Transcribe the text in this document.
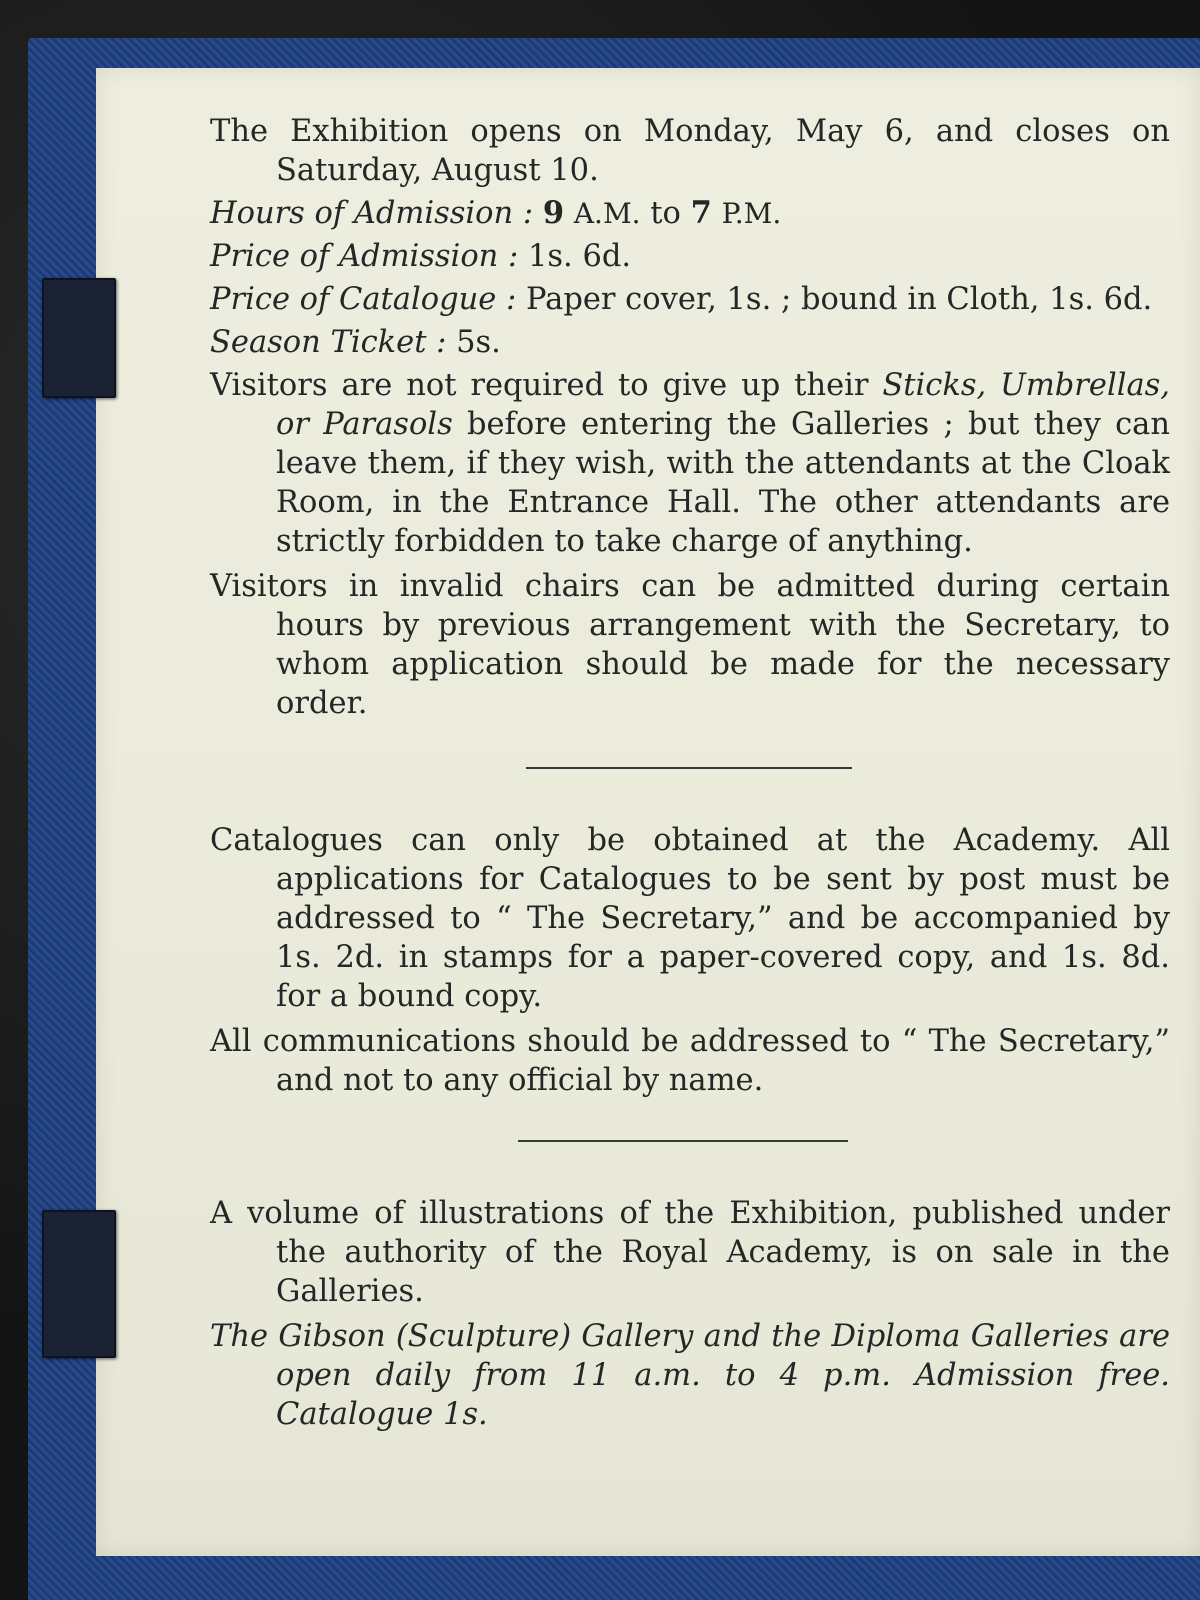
The Exhibition opens on Monday, May 6, and closes on Saturday, August 10.

Hours of Admission : 9 A.M. to 7 P.M.

Price of Admission : 1s. 6d.

Price of Catalogue : Paper cover, 1s. ; bound in Cloth, 1s. 6d.

Season Ticket : 5s.

Visitors are not required to give up their Sticks, Umbrellas, or Parasols before entering the Galleries ; but they can leave them, if they wish, with the attendants at the Cloak Room, in the Entrance Hall. The other attendants are strictly forbidden to take charge of anything.

Visitors in invalid chairs can be admitted during certain hours by previous arrangement with the Secretary, to whom application should be made for the necessary order.

Catalogues can only be obtained at the Academy. All applications for Catalogues to be sent by post must be addressed to “ The Secretary,” and be accompanied by 1s. 2d. in stamps for a paper-covered copy, and 1s. 8d. for a bound copy.

All communications should be addressed to “ The Secretary,” and not to any official by name.

A volume of illustrations of the Exhibition, published under the authority of the Royal Academy, is on sale in the Galleries.

The Gibson (Sculpture) Gallery and the Diploma Galleries are open daily from 11 a.m. to 4 p.m. Admission free. Catalogue 1s.
